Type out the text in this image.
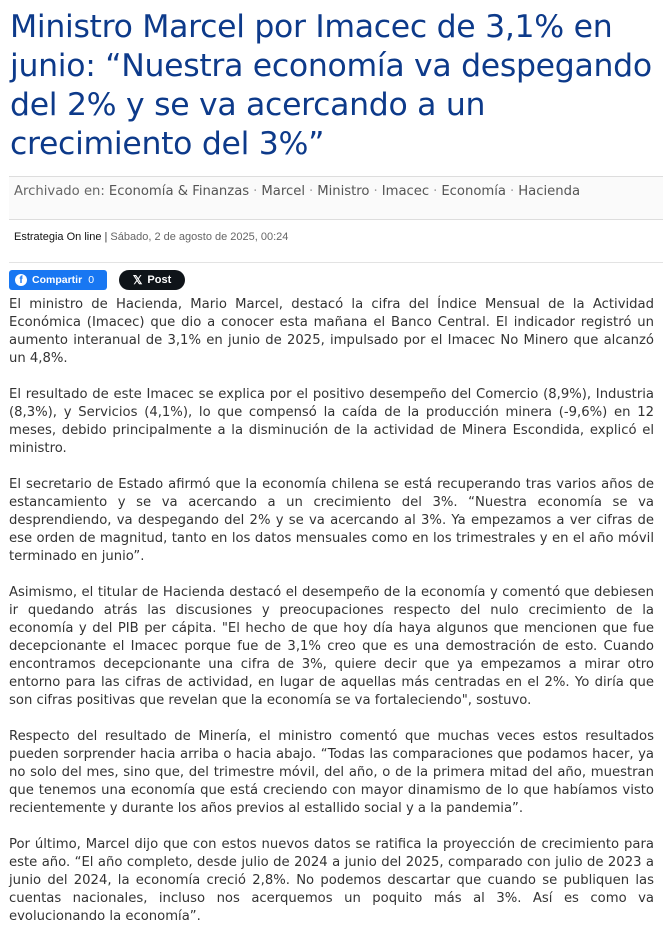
Ministro Marcel por Imacec de 3,1% en junio: “Nuestra economía va despegando del 2% y se va acercando a un crecimiento del 3%”
Archivado en: Economía & Finanzas · Marcel · Ministro · Imacec · Economía · Hacienda
Estrategia On line | Sábado, 2 de agosto de 2025, 00:24
f Compartir 0	𝕏 Post

El ministro de Hacienda, Mario Marcel, destacó la cifra del Índice Mensual de la Actividad Económica (Imacec) que dio a conocer esta mañana el Banco Central. El indicador registró un aumento interanual de 3,1% en junio de 2025, impulsado por el Imacec No Minero que alcanzó un 4,8%.

El resultado de este Imacec se explica por el positivo desempeño del Comercio (8,9%), Industria (8,3%), y Servicios (4,1%), lo que compensó la caída de la producción minera (-9,6%) en 12 meses, debido principalmente a la disminución de la actividad de Minera Escondida, explicó el ministro.

El secretario de Estado afirmó que la economía chilena se está recuperando tras varios años de estancamiento y se va acercando a un crecimiento del 3%. “Nuestra economía se va desprendiendo, va despegando del 2% y se va acercando al 3%. Ya empezamos a ver cifras de ese orden de magnitud, tanto en los datos mensuales como en los trimestrales y en el año móvil terminado en junio”.

Asimismo, el titular de Hacienda destacó el desempeño de la economía y comentó que debiesen ir quedando atrás las discusiones y preocupaciones respecto del nulo crecimiento de la economía y del PIB per cápita. "El hecho de que hoy día haya algunos que mencionen que fue decepcionante el Imacec porque fue de 3,1% creo que es una demostración de esto. Cuando encontramos decepcionante una cifra de 3%, quiere decir que ya empezamos a mirar otro entorno para las cifras de actividad, en lugar de aquellas más centradas en el 2%. Yo diría que son cifras positivas que revelan que la economía se va fortaleciendo", sostuvo.

Respecto del resultado de Minería, el ministro comentó que muchas veces estos resultados pueden sorprender hacia arriba o hacia abajo. “Todas las comparaciones que podamos hacer, ya no solo del mes, sino que, del trimestre móvil, del año, o de la primera mitad del año, muestran que tenemos una economía que está creciendo con mayor dinamismo de lo que habíamos visto recientemente y durante los años previos al estallido social y a la pandemia”.

Por último, Marcel dijo que con estos nuevos datos se ratifica la proyección de crecimiento para este año. “El año completo, desde julio de 2024 a junio del 2025, comparado con julio de 2023 a junio del 2024, la economía creció 2,8%. No podemos descartar que cuando se publiquen las cuentas nacionales, incluso nos acerquemos un poquito más al 3%. Así es como va evolucionando la economía”.
